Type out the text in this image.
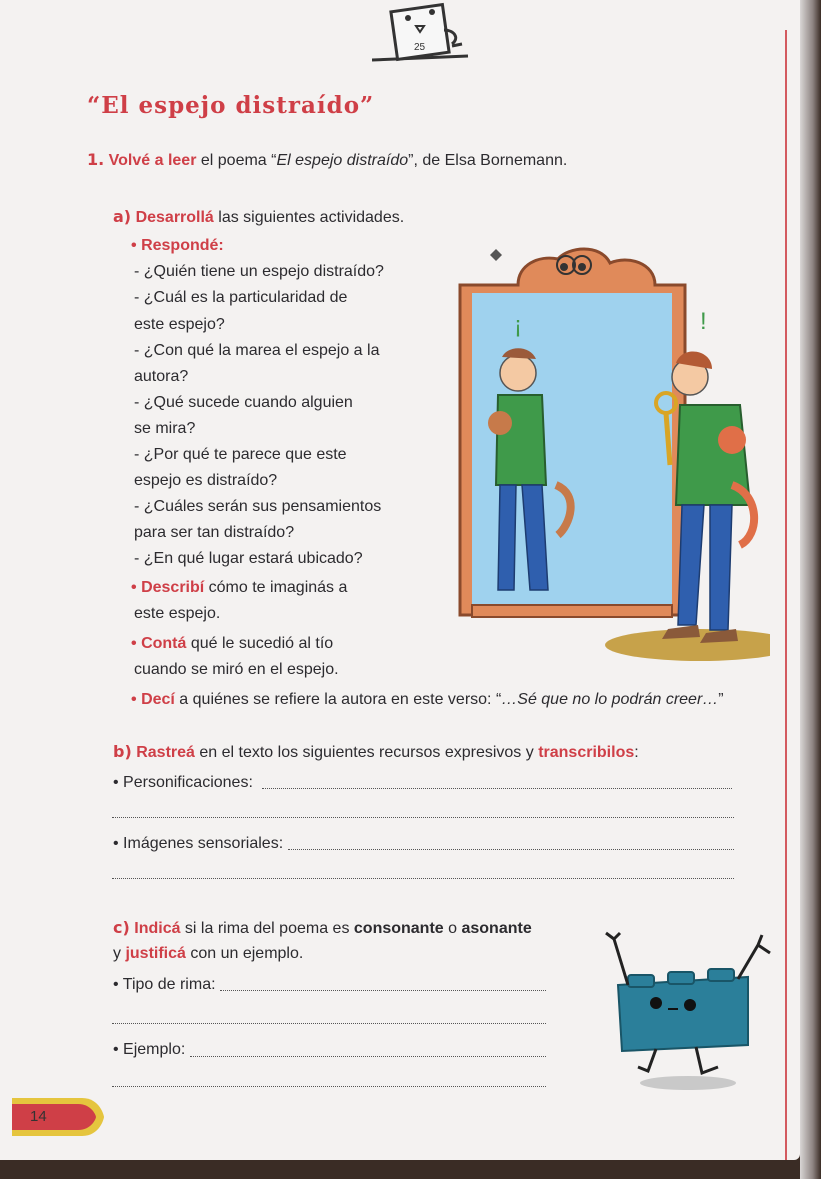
25
“El espejo distraído”
1. Volvé a leer el poema “El espejo distraído”, de Elsa Bornemann.
a) Desarrollá las siguientes actividades.
• Respondé:
- ¿Quién tiene un espejo distraído?
- ¿Cuál es la particularidad de
este espejo?
- ¿Con qué la marea el espejo a la
autora?
- ¿Qué sucede cuando alguien
se mira?
- ¿Por qué te parece que este
espejo es distraído?
- ¿Cuáles serán sus pensamientos
para ser tan distraído?
- ¿En qué lugar estará ubicado?
• Describí cómo te imaginás a
este espejo.
• Contá qué le sucedió al tío
cuando se miró en el espejo.
• Decí a quiénes se refiere la autora en este verso: “…Sé que no lo podrán creer…”
b) Rastreá en el texto los siguientes recursos expresivos y transcribilos:
• Personificaciones:
• Imágenes sensoriales:
c) Indicá si la rima del poema es consonante o asonante
y justificá con un ejemplo.
• Tipo de rima:
• Ejemplo:
¡	!
14
